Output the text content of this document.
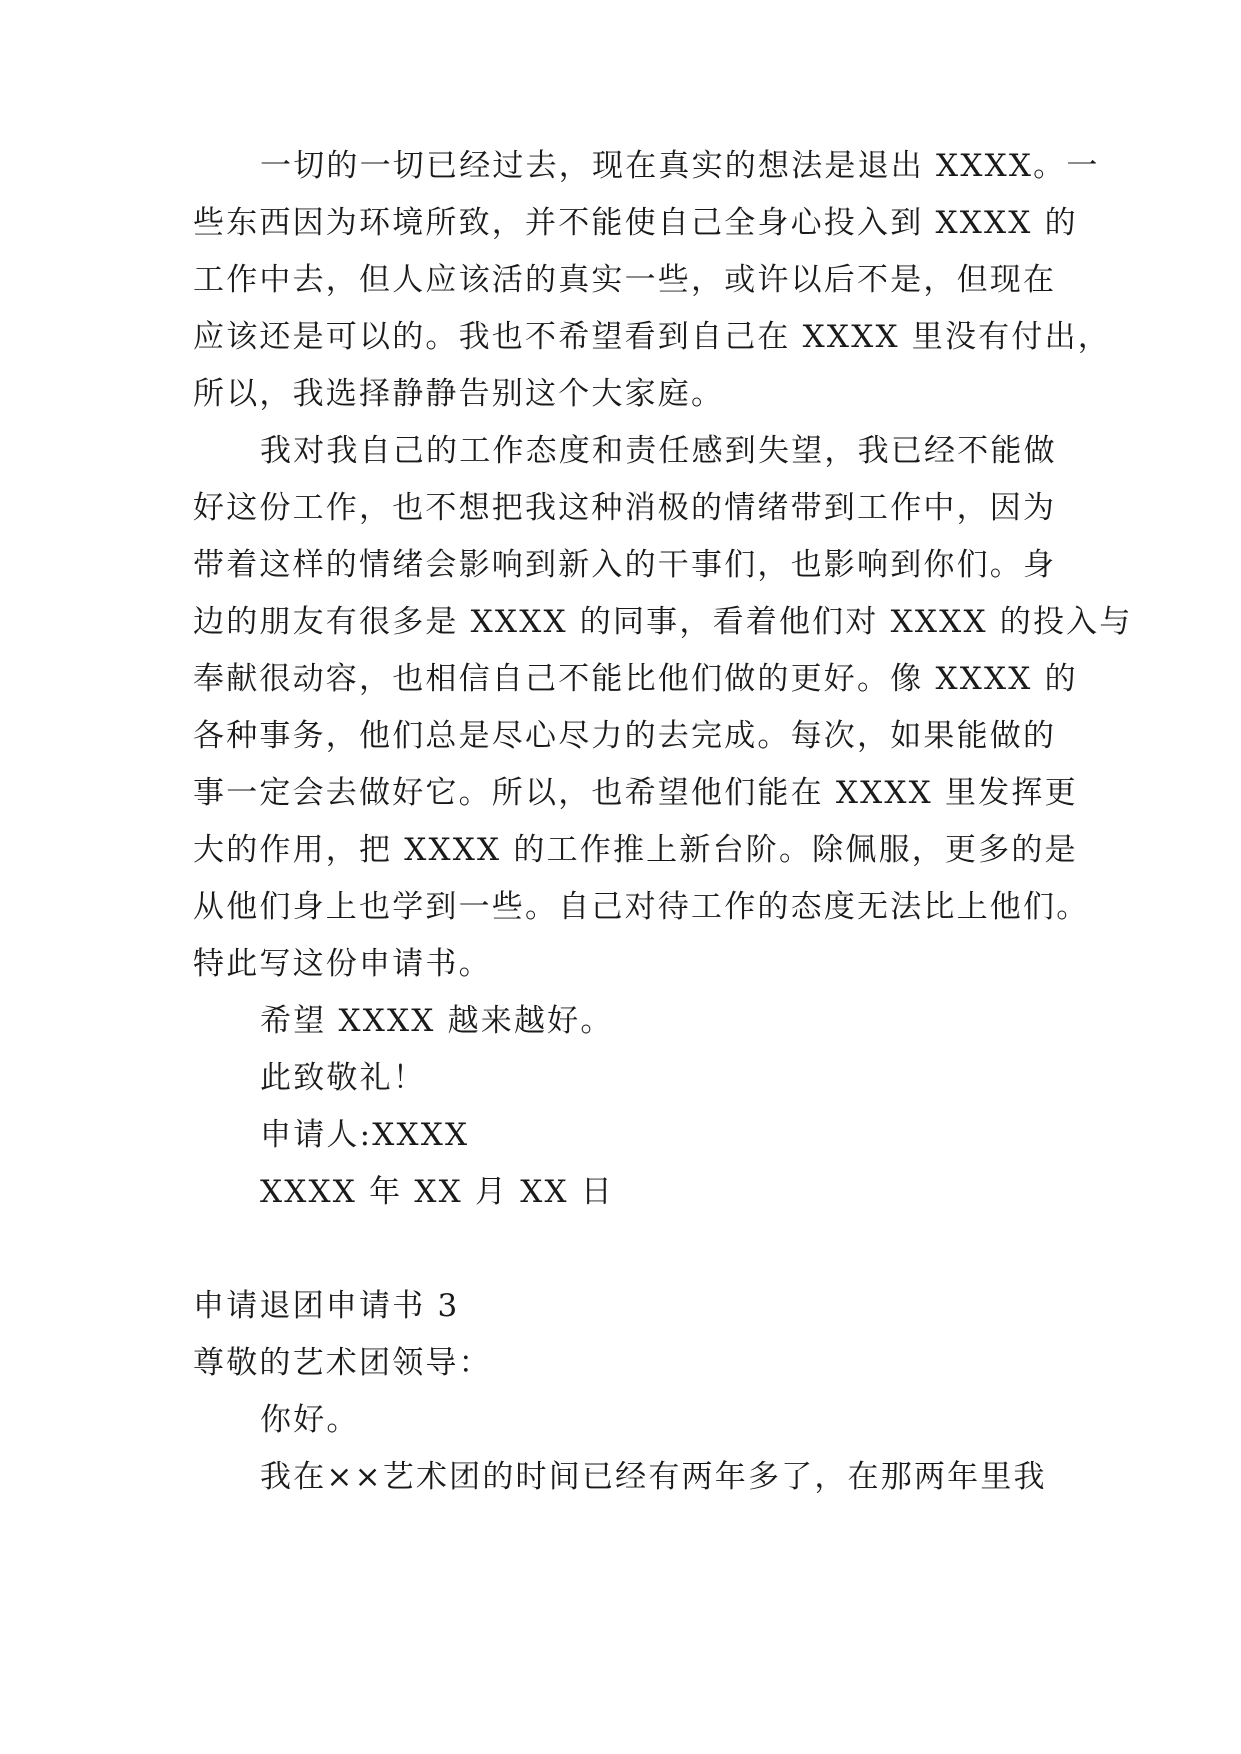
一切的一切已经过去，现在真实的想法是退出 XXXX。一
些东西因为环境所致，并不能使自己全身心投入到 XXXX 的
工作中去，但人应该活的真实一些，或许以后不是，但现在
应该还是可以的。我也不希望看到自己在 XXXX 里没有付出，
所以，我选择静静告别这个大家庭。
我对我自己的工作态度和责任感到失望，我已经不能做
好这份工作，也不想把我这种消极的情绪带到工作中，因为
带着这样的情绪会影响到新入的干事们，也影响到你们。身
边的朋友有很多是 XXXX 的同事，看着他们对 XXXX 的投入与
奉献很动容，也相信自己不能比他们做的更好。像 XXXX 的
各种事务，他们总是尽心尽力的去完成。每次，如果能做的
事一定会去做好它。所以，也希望他们能在 XXXX 里发挥更
大的作用，把 XXXX 的工作推上新台阶。除佩服，更多的是
从他们身上也学到一些。自己对待工作的态度无法比上他们。
特此写这份申请书。
希望 XXXX 越来越好。
此致敬礼！
申请人:XXXX
XXXX 年 XX 月 XX 日
申请退团申请书 3
尊敬的艺术团领导：
你好。
我在××艺术团的时间已经有两年多了，在那两年里我
